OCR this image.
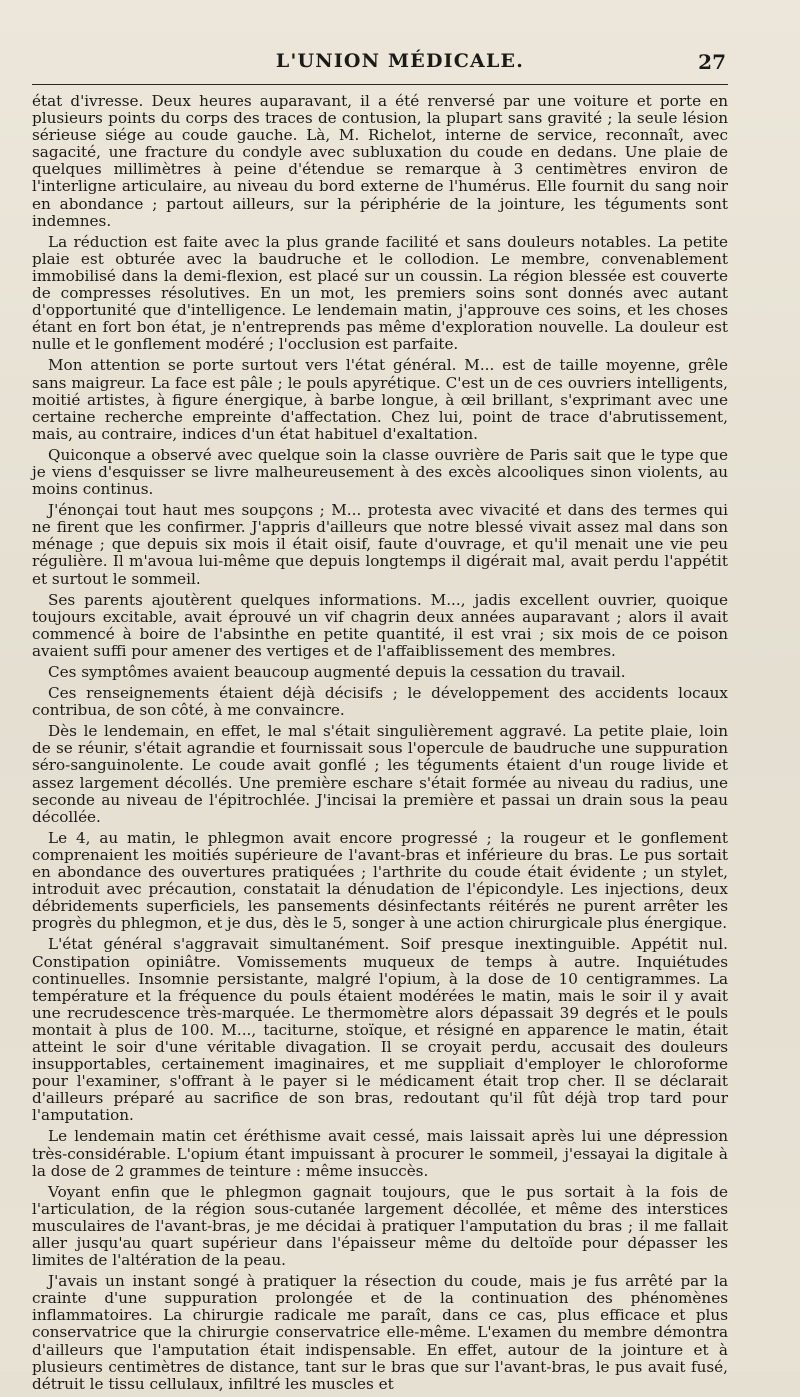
L'UNION MÉDICALE.	27

état d'ivresse. Deux heures auparavant, il a été renversé par une voiture et porte en plusieurs points du corps des traces de contusion, la plupart sans gravité ; la seule lésion sérieuse siége au coude gauche. Là, M. Richelot, interne de service, reconnaît, avec sagacité, une fracture du condyle avec subluxation du coude en dedans. Une plaie de quelques millimètres à peine d'étendue se remarque à 3 centimètres environ de l'interligne articulaire, au niveau du bord externe de l'humérus. Elle fournit du sang noir en abondance ; partout ailleurs, sur la périphérie de la jointure, les téguments sont indemnes.

La réduction est faite avec la plus grande facilité et sans douleurs notables. La petite plaie est obturée avec la baudruche et le collodion. Le membre, convenablement immobilisé dans la demi-flexion, est placé sur un coussin. La région blessée est couverte de compresses résolutives. En un mot, les premiers soins sont donnés avec autant d'opportunité que d'intelligence. Le lendemain matin, j'approuve ces soins, et les choses étant en fort bon état, je n'entreprends pas même d'exploration nouvelle. La douleur est nulle et le gonflement modéré ; l'occlusion est parfaite.

Mon attention se porte surtout vers l'état général. M... est de taille moyenne, grêle sans maigreur. La face est pâle ; le pouls apyrétique. C'est un de ces ouvriers intelligents, moitié artistes, à figure énergique, à barbe longue, à œil brillant, s'exprimant avec une certaine recherche empreinte d'affectation. Chez lui, point de trace d'abrutissement, mais, au contraire, indices d'un état habituel d'exaltation.

Quiconque a observé avec quelque soin la classe ouvrière de Paris sait que le type que je viens d'esquisser se livre malheureusement à des excès alcooliques sinon violents, au moins continus.

J'énonçai tout haut mes soupçons ; M... protesta avec vivacité et dans des termes qui ne firent que les confirmer. J'appris d'ailleurs que notre blessé vivait assez mal dans son ménage ; que depuis six mois il était oisif, faute d'ouvrage, et qu'il menait une vie peu régulière. Il m'avoua lui-même que depuis longtemps il digérait mal, avait perdu l'appétit et surtout le sommeil.

Ses parents ajoutèrent quelques informations. M..., jadis excellent ouvrier, quoique toujours excitable, avait éprouvé un vif chagrin deux années auparavant ; alors il avait commencé à boire de l'absinthe en petite quantité, il est vrai ; six mois de ce poison avaient suffi pour amener des vertiges et de l'affaiblissement des membres.

Ces symptômes avaient beaucoup augmenté depuis la cessation du travail.

Ces renseignements étaient déjà décisifs ; le développement des accidents locaux contribua, de son côté, à me convaincre.

Dès le lendemain, en effet, le mal s'était singulièrement aggravé. La petite plaie, loin de se réunir, s'était agrandie et fournissait sous l'opercule de baudruche une suppuration séro-sanguinolente. Le coude avait gonflé ; les téguments étaient d'un rouge livide et assez largement décollés. Une première eschare s'était formée au niveau du radius, une seconde au niveau de l'épitrochlée. J'incisai la première et passai un drain sous la peau décollée.

Le 4, au matin, le phlegmon avait encore progressé ; la rougeur et le gonflement comprenaient les moitiés supérieure de l'avant-bras et inférieure du bras. Le pus sortait en abondance des ouvertures pratiquées ; l'arthrite du coude était évidente ; un stylet, introduit avec précaution, constatait la dénudation de l'épicondyle. Les injections, deux débridements superficiels, les pansements désinfectants réitérés ne purent arrêter les progrès du phlegmon, et je dus, dès le 5, songer à une action chirurgicale plus énergique.

L'état général s'aggravait simultanément. Soif presque inextinguible. Appétit nul. Constipation opiniâtre. Vomissements muqueux de temps à autre. Inquiétudes continuelles. Insomnie persistante, malgré l'opium, à la dose de 10 centigrammes. La température et la fréquence du pouls étaient modérées le matin, mais le soir il y avait une recrudescence très-marquée. Le thermomètre alors dépassait 39 degrés et le pouls montait à plus de 100. M..., taciturne, stoïque, et résigné en apparence le matin, était atteint le soir d'une véritable divagation. Il se croyait perdu, accusait des douleurs insupportables, certainement imaginaires, et me suppliait d'employer le chloroforme pour l'examiner, s'offrant à le payer si le médicament était trop cher. Il se déclarait d'ailleurs préparé au sacrifice de son bras, redoutant qu'il fût déjà trop tard pour l'amputation.

Le lendemain matin cet éréthisme avait cessé, mais laissait après lui une dépression très-considérable. L'opium étant impuissant à procurer le sommeil, j'essayai la digitale à la dose de 2 grammes de teinture : même insuccès.

Voyant enfin que le phlegmon gagnait toujours, que le pus sortait à la fois de l'articulation, de la région sous-cutanée largement décollée, et même des interstices musculaires de l'avant-bras, je me décidai à pratiquer l'amputation du bras ; il me fallait aller jusqu'au quart supérieur dans l'épaisseur même du deltoïde pour dépasser les limites de l'altération de la peau.

J'avais un instant songé à pratiquer la résection du coude, mais je fus arrêté par la crainte d'une suppuration prolongée et de la continuation des phénomènes inflammatoires. La chirurgie radicale me paraît, dans ce cas, plus efficace et plus conservatrice que la chirurgie conservatrice elle-même. L'examen du membre démontra d'ailleurs que l'amputation était indispensable. En effet, autour de la jointure et à plusieurs centimètres de distance, tant sur le bras que sur l'avant-bras, le pus avait fusé, détruit le tissu cellulaux, infiltré les muscles et
